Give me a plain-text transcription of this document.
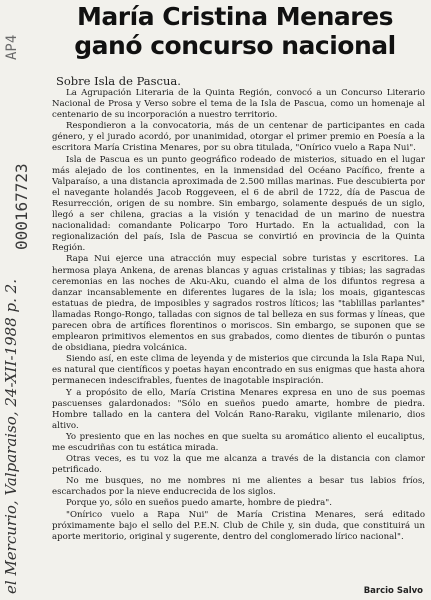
María Cristina Menares
ganó concurso nacional
Sobre Isla de Pascua.

La Agrupación Literaria de la Quinta Región, convocó a un Concurso Literario Nacional de Prosa y Verso sobre el tema de la Isla de Pascua, como un homenaje al centenario de su incorporación a nuestro territorio.

Respondieron a la convocatoria, más de un centenar de participantes en cada género, y el jurado acordó, por unanimidad, otorgar el primer premio en Poesía a la escritora María Cristina Menares, por su obra titulada, "Onírico vuelo a Rapa Nui".

Isla de Pascua es un punto geográfico rodeado de misterios, situado en el lugar más alejado de los continentes, en la inmensidad del Océano Pacífico, frente a Valparaíso, a una distancia aproximada de 2.500 millas marinas. Fue descubierta por el navegante holandés Jacob Roggeveen, el 6 de abril de 1722, día de Pascua de Resurrección, origen de su nombre. Sin embargo, solamente después de un siglo, llegó a ser chilena, gracias a la visión y tenacidad de un marino de nuestra nacionalidad: comandante Policarpo Toro Hurtado. En la actualidad, con la regionalización del país, Isla de Pascua se convirtió en provincia de la Quinta Región.

Rapa Nui ejerce una atracción muy especial sobre turistas y escritores. La hermosa playa Ankena, de arenas blancas y aguas cristalinas y tibias; las sagradas ceremonias en las noches de Aku-Aku, cuando el alma de los difuntos regresa a danzar incansablemente en diferentes lugares de la isla; los moais, gigantescas estatuas de piedra, de imposibles y sagrados rostros líticos; las "tablillas parlantes" llamadas Rongo-Rongo, talladas con signos de tal belleza en sus formas y líneas, que parecen obra de artífices florentinos o moriscos. Sin embargo, se suponen que se emplearon primitivos elementos en sus grabados, como dientes de tiburón o puntas de obsidiana, piedra volcánica.

Siendo así, en este clima de leyenda y de misterios que circunda la Isla Rapa Nui, es natural que científicos y poetas hayan encontrado en sus enigmas que hasta ahora permanecen indescifrables, fuentes de inagotable inspiración.

Y a propósito de ello, María Cristina Menares expresa en uno de sus poemas pascuenses galardonados: "Sólo en sueños puedo amarte, hombre de piedra. Hombre tallado en la cantera del Volcán Rano-Raraku, vigilante milenario, dios altivo.

Yo presiento que en las noches en que suelta su aromático aliento el eucaliptus, me escudriñas con tu estática mirada.

Otras veces, es tu voz la que me alcanza a través de la distancia con clamor petrificado.

No me busques, no me nombres ni me alientes a besar tus labios fríos, escarchados por la nieve enducrecida de los siglos.

Porque yo, sólo en sueños puedo amarte, hombre de piedra".

"Onírico vuelo a Rapa Nui" de María Cristina Menares, será editado próximamente bajo el sello del P.E.N. Club de Chile y, sin duda, que constituirá un aporte meritorio, original y sugerente, dentro del conglomerado lírico nacional".

Barcio Salvo
el Mercurio, Valparaiso, 24-XII-1988 p. 2.
000167723
AP4
